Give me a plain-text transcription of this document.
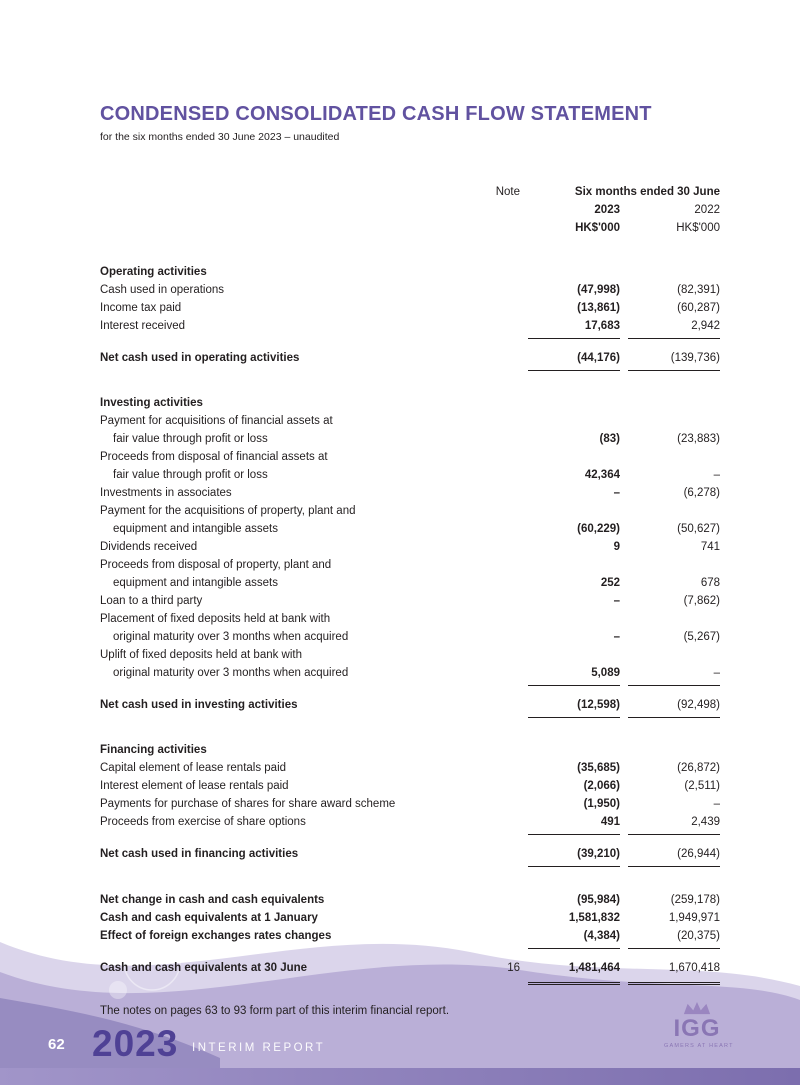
CONDENSED CONSOLIDATED CASH FLOW STATEMENT
for the six months ended 30 June 2023 – unaudited
Note	Six months ended 30 June
2023	2022
HK$'000	HK$'000
Operating activities
Cash used in operations	(47,998)	(82,391)
Income tax paid	(13,861)	(60,287)
Interest received	17,683	2,942
Net cash used in operating activities	(44,176)	(139,736)
Investing activities
Payment for acquisitions of financial assets at
fair value through profit or loss	(83)	(23,883)
Proceeds from disposal of financial assets at
fair value through profit or loss	42,364	–
Investments in associates	–	(6,278)
Payment for the acquisitions of property, plant and
equipment and intangible assets	(60,229)	(50,627)
Dividends received	9	741
Proceeds from disposal of property, plant and
equipment and intangible assets	252	678
Loan to a third party	–	(7,862)
Placement of fixed deposits held at bank with
original maturity over 3 months when acquired	–	(5,267)
Uplift of fixed deposits held at bank with
original maturity over 3 months when acquired	5,089	–
Net cash used in investing activities	(12,598)	(92,498)
Financing activities
Capital element of lease rentals paid	(35,685)	(26,872)
Interest element of lease rentals paid	(2,066)	(2,511)
Payments for purchase of shares for share award scheme	(1,950)	–
Proceeds from exercise of share options	491	2,439
Net cash used in financing activities	(39,210)	(26,944)
Net change in cash and cash equivalents	(95,984)	(259,178)
Cash and cash equivalents at 1 January	1,581,832	1,949,971
Effect of foreign exchanges rates changes	(4,384)	(20,375)
Cash and cash equivalents at 30 June	16	1,481,464	1,670,418

The notes on pages 63 to 93 form part of this interim financial report.

62 2023 INTERIM REPORT
IGG
GAMERS AT HEART
